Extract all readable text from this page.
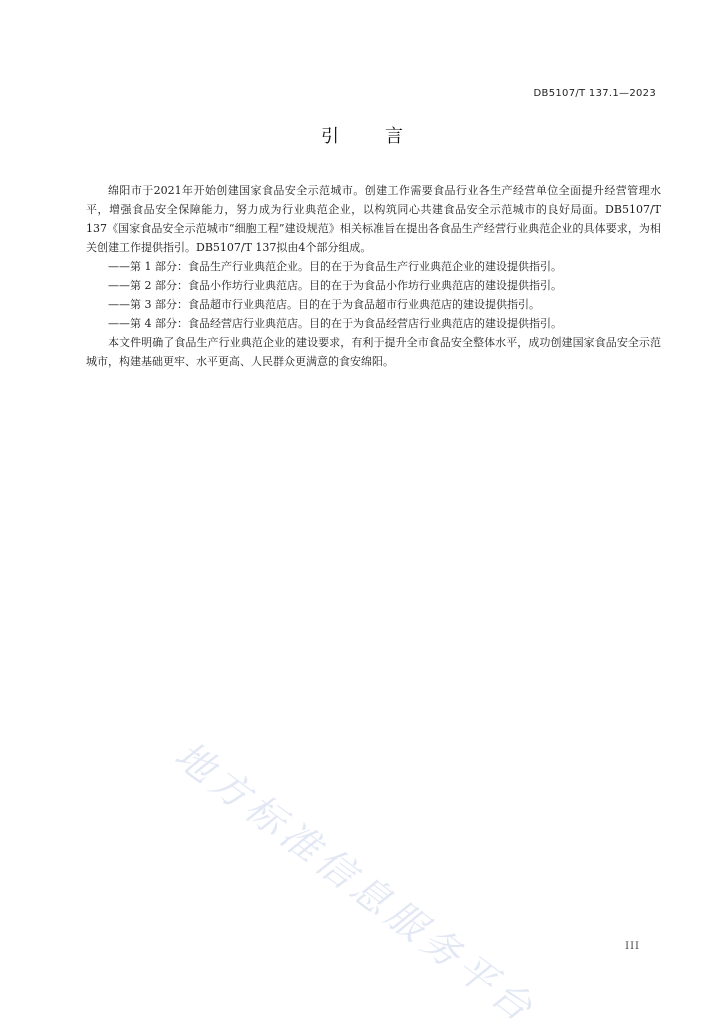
DB5107/T 137.1—2023
引言

绵阳市于2021年开始创建国家食品安全示范城市。创建工作需要食品行业各生产经营单位全面提升经营管理水平，增强食品安全保障能力，努力成为行业典范企业，以构筑同心共建食品安全示范城市的良好局面。DB5107/T 137《国家食品安全示范城市“细胞工程”建设规范》相关标准旨在提出各食品生产经营行业典范企业的具体要求，为相关创建工作提供指引。DB5107/T 137拟由4个部分组成。

——第 1 部分：食品生产行业典范企业。目的在于为食品生产行业典范企业的建设提供指引。

——第 2 部分：食品小作坊行业典范店。目的在于为食品小作坊行业典范店的建设提供指引。

——第 3 部分：食品超市行业典范店。目的在于为食品超市行业典范店的建设提供指引。

——第 4 部分：食品经营店行业典范店。目的在于为食品经营店行业典范店的建设提供指引。

本文件明确了食品生产行业典范企业的建设要求，有利于提升全市食品安全整体水平，成功创建国家食品安全示范城市，构建基础更牢、水平更高、人民群众更满意的食安绵阳。

地方标准信息服务平台	III
